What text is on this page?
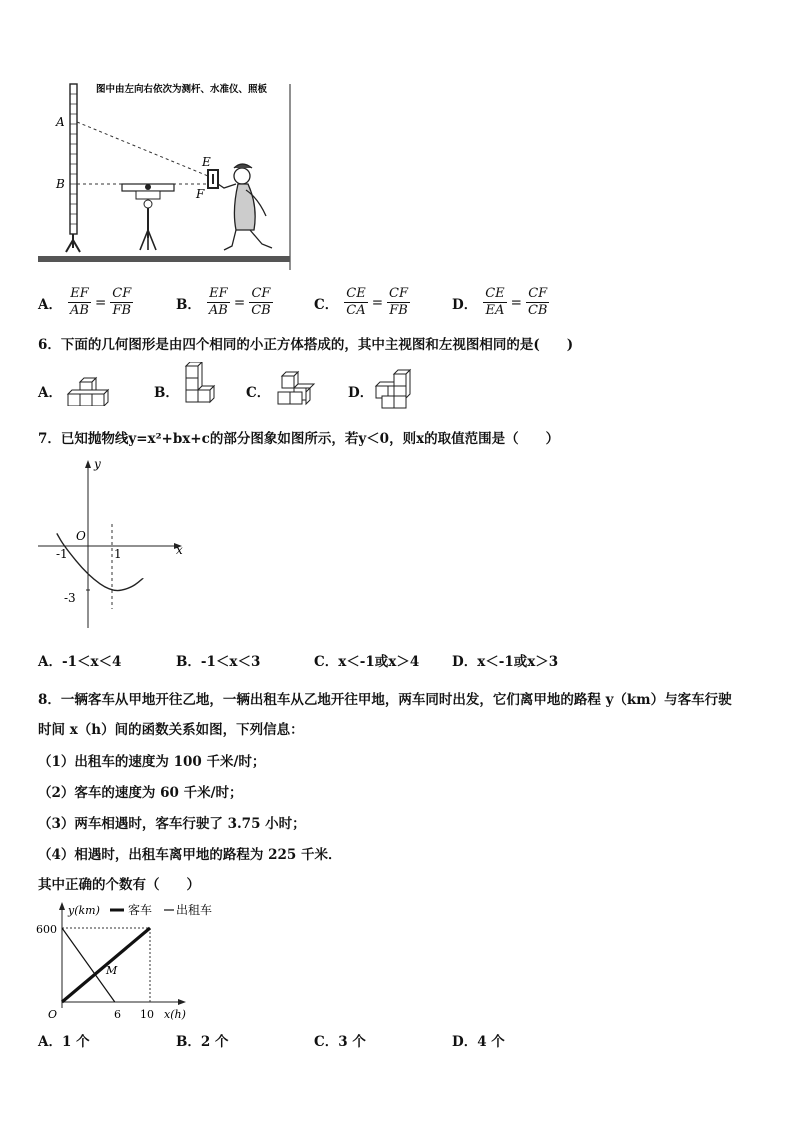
A
B
E
F
图中由左向右依次为测杆、水准仪、照板
A． $\frac{EF}{AB} = \frac{CF}{FB}$	B． $\frac{EF}{AB} = \frac{CF}{CB}$	C． $\frac{CE}{CA} = \frac{CF}{FB}$	D． $\frac{CE}{EA} = \frac{CF}{CB}$
6．下面的几何图形是由四个相同的小正方体搭成的，其中主视图和左视图相同的是(　　)
A．	B．	C．	D．
7．已知抛物线y=x²+bx+c的部分图象如图所示，若y＜0，则x的取值范围是（　　）
y
x
O
-1	1
-3
A．-1＜x＜4	B．-1＜x＜3	C．x＜-1或x＞4 D．x＜-1或x＞3
8．一辆客车从甲地开往乙地，一辆出租车从乙地开往甲地，两车同时出发，它们离甲地的路程 y（km）与客车行驶
时间 x（h）间的函数关系如图，下列信息：
（1）出租车的速度为 100 千米/时；
（2）客车的速度为 60 千米/时；
（3）两车相遇时，客车行驶了 3.75 小时；
（4）相遇时，出租车离甲地的路程为 225 千米．
其中正确的个数有（　　）
客车 出租车
y(km)
x(h)
600
O	6 10
M
A．1 个	B．2 个	C．3 个	D．4 个
